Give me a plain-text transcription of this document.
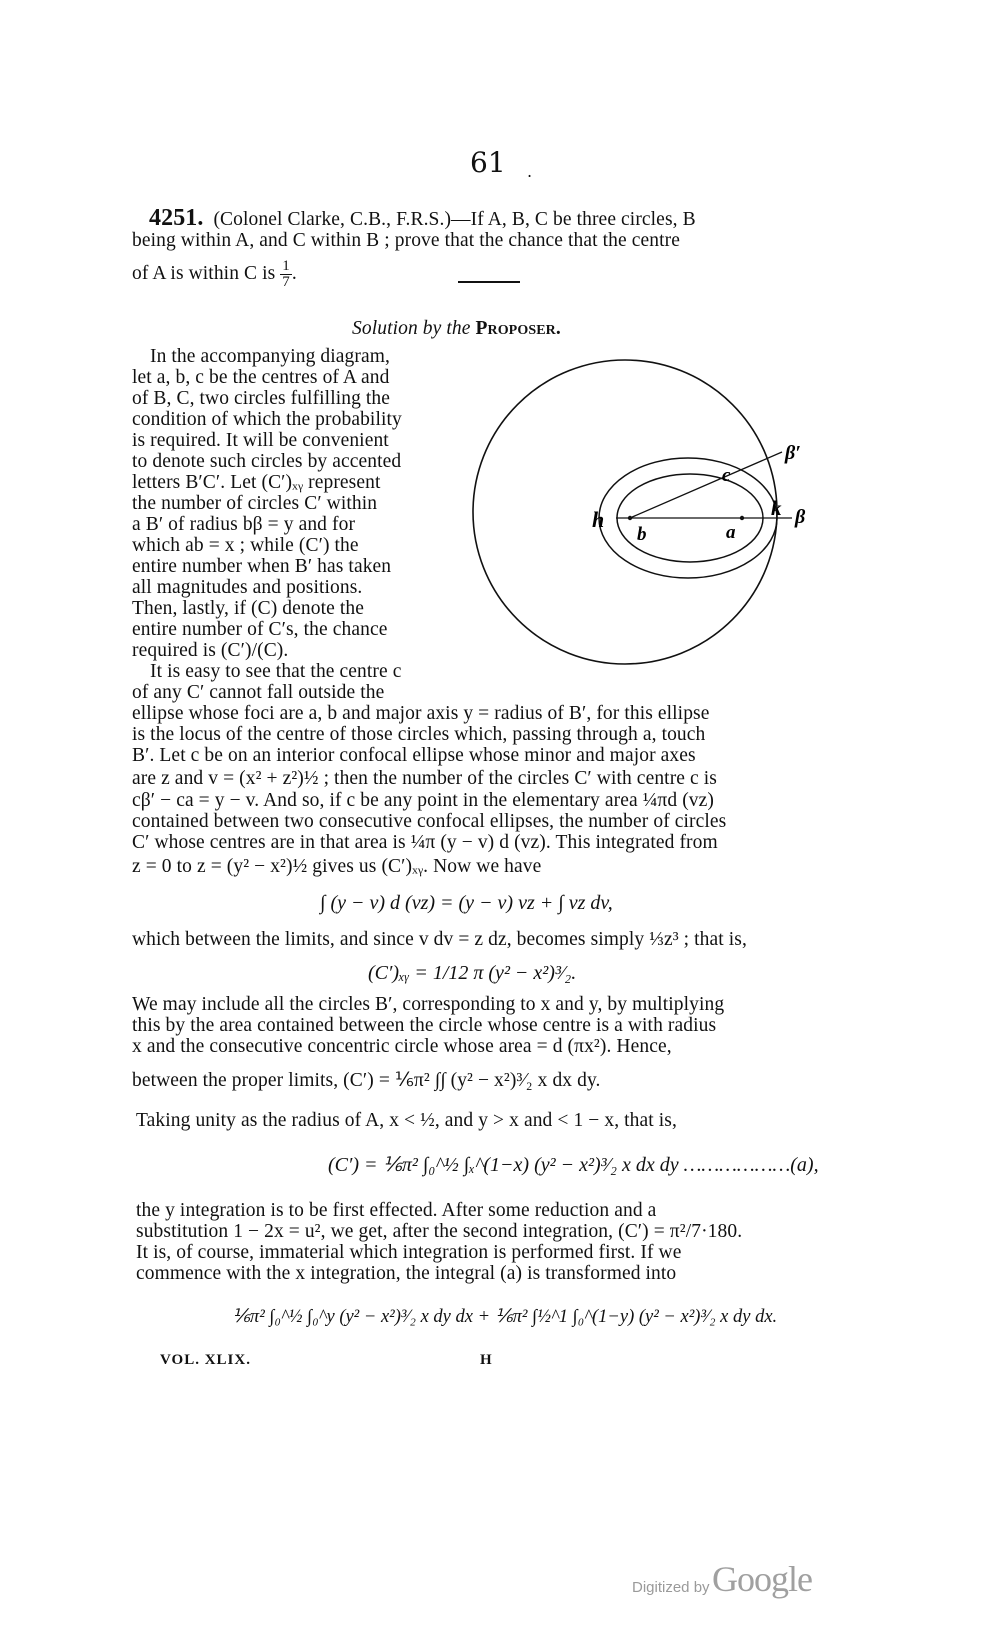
61 .
4251. (Colonel Clarke, C.B., F.R.S.)—If A, B, C be three circles, B
being within A, and C within B ; prove that the chance that the centre
of A is within C is $\frac{1}{7}$ .
Solution by the Proposer.
In the accompanying diagram,
let a, b, c be the centres of A and
of B, C, two circles fulfilling the
condition of which the probability
is required. It will be convenient
to denote such circles by accented
letters B′C′. Let (C′)ₓᵧ represent
the number of circles C′ within
a B′ of radius bβ = y and for
which ab = x ; while (C′) the
entire number when B′ has taken
all magnitudes and positions.
Then, lastly, if (C) denote the
entire number of C′s, the chance
required is (C′)/(C).
It is easy to see that the centre c
of any C′ cannot fall outside the
β′
c
h	k β
b	a
ellipse whose foci are a, b and major axis y = radius of B′, for this ellipse
is the locus of the centre of those circles which, passing through a, touch
B′. Let c be on an interior confocal ellipse whose minor and major axes
are z and v = (x² + z²)½ ; then the number of the circles C′ with centre c is
cβ′ − ca = y − v. And so, if c be any point in the elementary area ¼πd (vz)
contained between two consecutive confocal ellipses, the number of circles
C′ whose centres are in that area is ¼π (y − v) d (vz). This integrated from
z = 0 to z = (y² − x²)½ gives us (C′)ₓᵧ. Now we have
∫ (y − v) d (vz) = (y − v) vz + ∫ vz dv,
which between the limits, and since v dv = z dz, becomes simply ⅓z³ ; that is,
(C′)ₓᵧ = 1/12 π (y² − x²)³⁄₂.
We may include all the circles B′, corresponding to x and y, by multiplying
this by the area contained between the circle whose centre is a with radius
x and the consecutive concentric circle whose area = d (πx²). Hence,
between the proper limits, (C′) = ⅙π² ∫∫ (y² − x²)³⁄₂ x dx dy.
Taking unity as the radius of A, x < ½, and y > x and < 1 − x, that is,
(C′) = ⅙π² ∫₀^½ ∫ₓ^(1−x) (y² − x²)³⁄₂ x dx dy ………………(a),
the y integration is to be first effected. After some reduction and a
substitution 1 − 2x = u², we get, after the second integration, (C′) = π²/7·180.
It is, of course, immaterial which integration is performed first. If we
commence with the x integration, the integral (a) is transformed into
⅙π² ∫₀^½ ∫₀^y (y² − x²)³⁄₂ x dy dx + ⅙π² ∫½^1 ∫₀^(1−y) (y² − x²)³⁄₂ x dy dx.
VOL. XLIX.	H
Digitized by Google
